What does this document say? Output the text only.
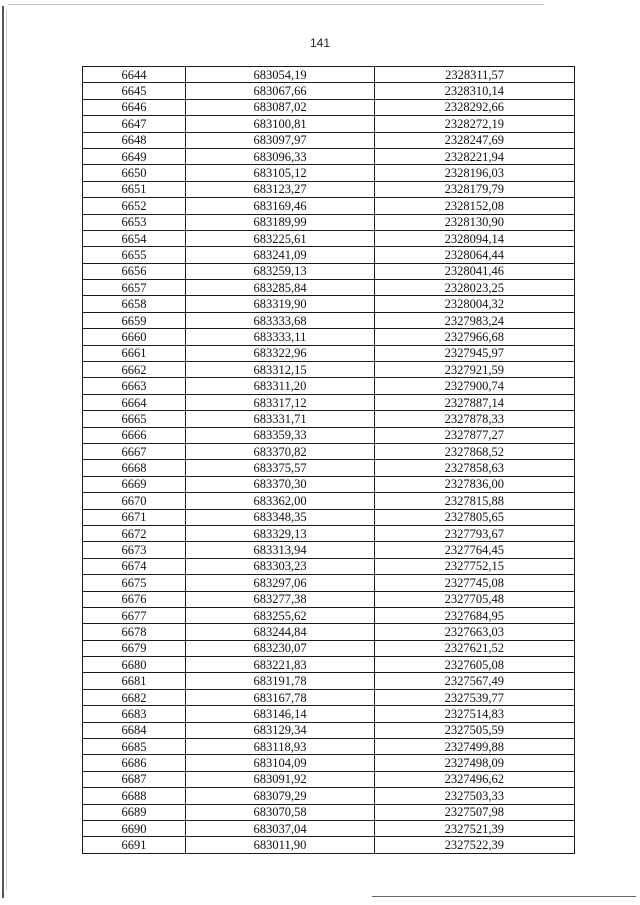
141
6644	683054,19	2328311,57
6645	683067,66	2328310,14
6646	683087,02	2328292,66
6647	683100,81	2328272,19
6648	683097,97	2328247,69
6649	683096,33	2328221,94
6650	683105,12	2328196,03
6651	683123,27	2328179,79
6652	683169,46	2328152,08
6653	683189,99	2328130,90
6654	683225,61	2328094,14
6655	683241,09	2328064,44
6656	683259,13	2328041,46
6657	683285,84	2328023,25
6658	683319,90	2328004,32
6659	683333,68	2327983,24
6660	683333,11	2327966,68
6661	683322,96	2327945,97
6662	683312,15	2327921,59
6663	683311,20	2327900,74
6664	683317,12	2327887,14
6665	683331,71	2327878,33
6666	683359,33	2327877,27
6667	683370,82	2327868,52
6668	683375,57	2327858,63
6669	683370,30	2327836,00
6670	683362,00	2327815,88
6671	683348,35	2327805,65
6672	683329,13	2327793,67
6673	683313,94	2327764,45
6674	683303,23	2327752,15
6675	683297,06	2327745,08
6676	683277,38	2327705,48
6677	683255,62	2327684,95
6678	683244,84	2327663,03
6679	683230,07	2327621,52
6680	683221,83	2327605,08
6681	683191,78	2327567,49
6682	683167,78	2327539,77
6683	683146,14	2327514,83
6684	683129,34	2327505,59
6685	683118,93	2327499,88
6686	683104,09	2327498,09
6687	683091,92	2327496,62
6688	683079,29	2327503,33
6689	683070,58	2327507,98
6690	683037,04	2327521,39
6691	683011,90	2327522,39
